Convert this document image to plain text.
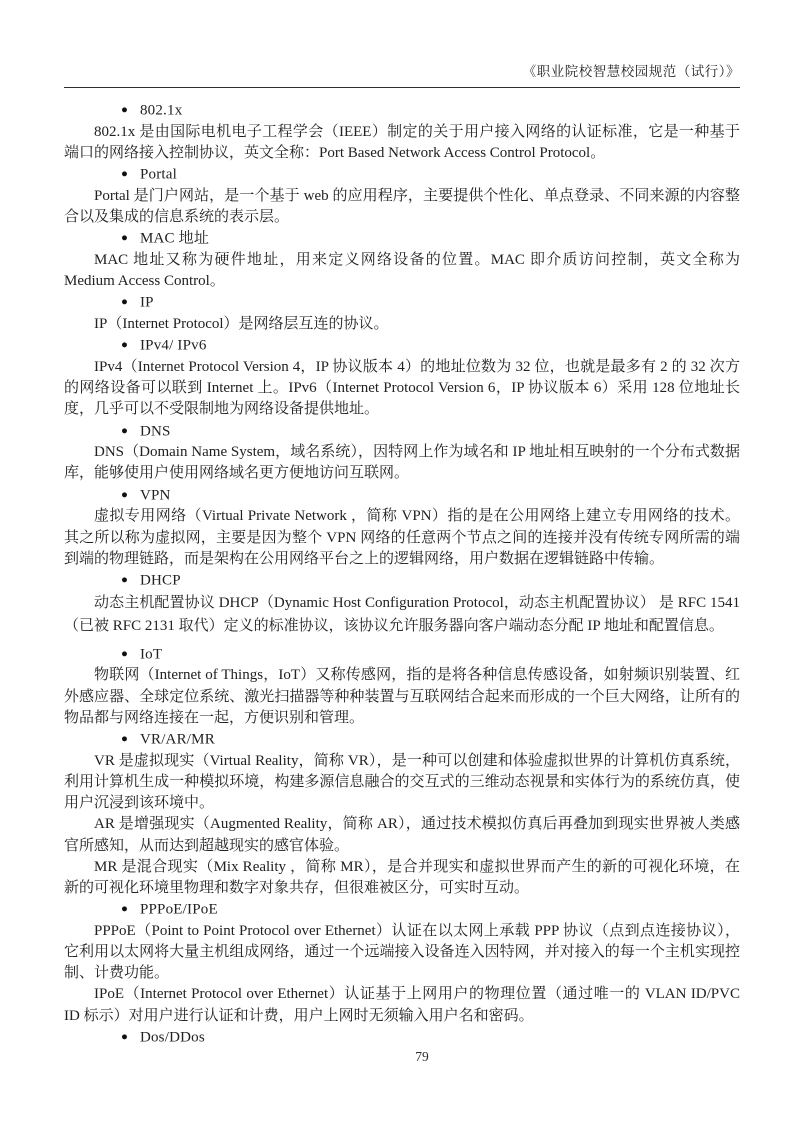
《职业院校智慧校园规范（试行）》
● 802.1x

802.1x 是由国际电机电子工程学会（IEEE）制定的关于用户接入网络的认证标准，它是一种基于端口的网络接入控制协议，英文全称：Port Based Network Access Control Protocol。

● Portal

Portal 是门户网站，是一个基于 web 的应用程序，主要提供个性化、单点登录、不同来源的内容整合以及集成的信息系统的表示层。

● MAC 地址

MAC 地址又称为硬件地址，用来定义网络设备的位置。MAC 即介质访问控制，英文全称为 Medium Access Control。

● IP

IP（Internet Protocol）是网络层互连的协议。

● IPv4/ IPv6

IPv4（Internet Protocol Version 4，IP 协议版本 4）的地址位数为 32 位，也就是最多有 2 的 32 次方的网络设备可以联到 Internet 上。IPv6（Internet Protocol Version 6，IP 协议版本 6）采用 128 位地址长度，几乎可以不受限制地为网络设备提供地址。

● DNS

DNS（Domain Name System，域名系统），因特网上作为域名和 IP 地址相互映射的一个分布式数据库，能够使用户使用网络域名更方便地访问互联网。

● VPN

虚拟专用网络（Virtual Private Network ，简称 VPN）指的是在公用网络上建立专用网络的技术。其之所以称为虚拟网，主要是因为整个 VPN 网络的任意两个节点之间的连接并没有传统专网所需的端到端的物理链路，而是架构在公用网络平台之上的逻辑网络，用户数据在逻辑链路中传输。

● DHCP

动态主机配置协议 DHCP（Dynamic Host Configuration Protocol，动态主机配置协议） 是 RFC 1541（已被 RFC 2131 取代）定义的标准协议，该协议允许服务器向客户端动态分配 IP 地址和配置信息。

● IoT

物联网（Internet of Things，IoT）又称传感网，指的是将各种信息传感设备，如射频识别装置、红外感应器、全球定位系统、激光扫描器等种种装置与互联网结合起来而形成的一个巨大网络，让所有的物品都与网络连接在一起，方便识别和管理。

● VR/AR/MR

VR 是虚拟现实（Virtual Reality，简称 VR），是一种可以创建和体验虚拟世界的计算机仿真系统，利用计算机生成一种模拟环境，构建多源信息融合的交互式的三维动态视景和实体行为的系统仿真，使用户沉浸到该环境中。

AR 是增强现实（Augmented Reality，简称 AR），通过技术模拟仿真后再叠加到现实世界被人类感官所感知，从而达到超越现实的感官体验。

MR 是混合现实（Mix Reality ，简称 MR），是合并现实和虚拟世界而产生的新的可视化环境，在新的可视化环境里物理和数字对象共存，但很难被区分，可实时互动。

● PPPoE/IPoE

PPPoE（Point to Point Protocol over Ethernet）认证在以太网上承载 PPP 协议（点到点连接协议），它利用以太网将大量主机组成网络，通过一个远端接入设备连入因特网，并对接入的每一个主机实现控制、计费功能。

IPoE（Internet Protocol over Ethernet）认证基于上网用户的物理位置（通过唯一的 VLAN ID/PVC ID 标示）对用户进行认证和计费，用户上网时无须输入用户名和密码。

● Dos/DDos
79
